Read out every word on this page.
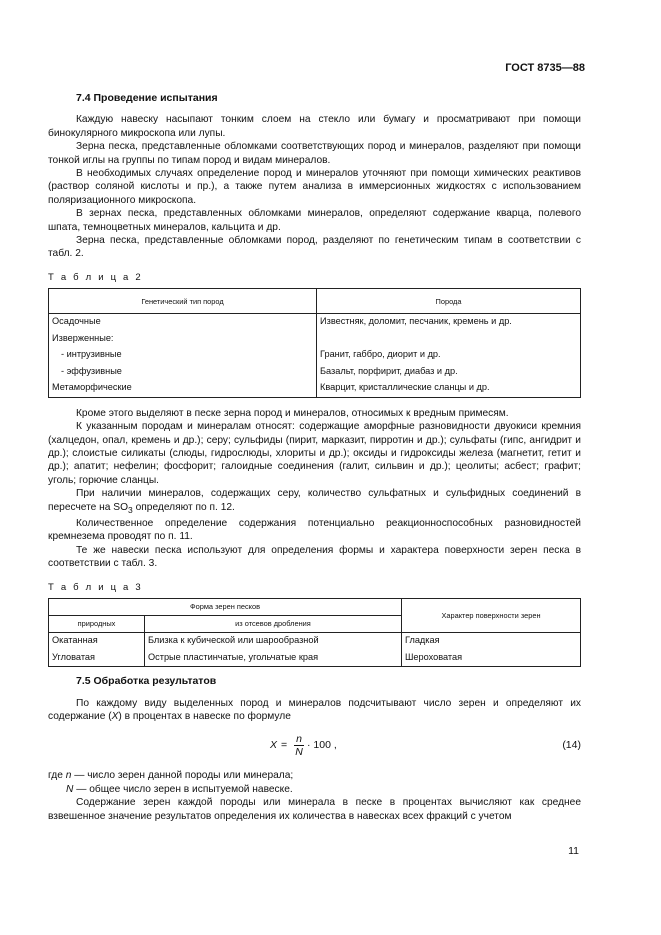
ГОСТ 8735—88
7.4 Проведение испытания

Каждую навеску насыпают тонким слоем на стекло или бумагу и просматривают при помощи бинокулярного микроскопа или лупы.

Зерна песка, представленные обломками соответствующих пород и минералов, разделяют при помощи тонкой иглы на группы по типам пород и видам минералов.

В необходимых случаях определение пород и минералов уточняют при помощи химических реактивов (раствор соляной кислоты и пр.), а также путем анализа в иммерсионных жидкостях с использованием поляризационного микроскопа.

В зернах песка, представленных обломками минералов, определяют содержание кварца, полевого шпата, темноцветных минералов, кальцита и др.

Зерна песка, представленные обломками пород, разделяют по генетическим типам в соответствии с табл. 2.

Т а б л и ц а 2
Генетический тип пород	Порода
Осадочные	Известняк, доломит, песчаник, кремень и др.
Изверженные:	
- интрузивные	Гранит, габбро, диорит и др.
- эффузивные	Базальт, порфирит, диабаз и др.
Метаморфические	Кварцит, кристаллические сланцы и др.

Кроме этого выделяют в песке зерна пород и минералов, относимых к вредным примесям.

К указанным породам и минералам относят: содержащие аморфные разновидности двуокиси кремния (халцедон, опал, кремень и др.); серу; сульфиды (пирит, марказит, пирротин и др.); сульфаты (гипс, ангидрит и др.); слоистые силикаты (слюды, гидрослюды, хлориты и др.); оксиды и гидроксиды железа (магнетит, гетит и др.); апатит; нефелин; фосфорит; галоидные соединения (галит, сильвин и др.); цеолиты; асбест; графит; уголь; горючие сланцы.

При наличии минералов, содержащих серу, количество сульфатных и сульфидных соединений в пересчете на $SO_3$ определяют по п. 12.

Количественное определение содержания потенциально реакционноспособных разновидностей кремнезема проводят по п. 11.

Те же навески песка используют для определения формы и характера поверхности зерен песка в соответствии с табл. 3.

Т а б л и ц а 3
Форма зерен песков		Характер поверхности зерен
природных	из отсевов дробления	
Окатанная	Близка к кубической или шарообразной	Гладкая
Угловатая	Острые пластинчатые, угольчатые края	Шероховатая
7.5 Обработка результатов

По каждому виду выделенных пород и минералов подсчитывают число зерен и определяют их содержание (X) в процентах в навеске по формуле

$X = \frac{n}{N} \cdot 100$ ,	(14)

где n — число зерен данной породы или минерала;

N — общее число зерен в испытуемой навеске.

Содержание зерен каждой породы или минерала в песке в процентах вычисляют как среднее взвешенное значение результатов определения их количества в навесках всех фракций с учетом

11
